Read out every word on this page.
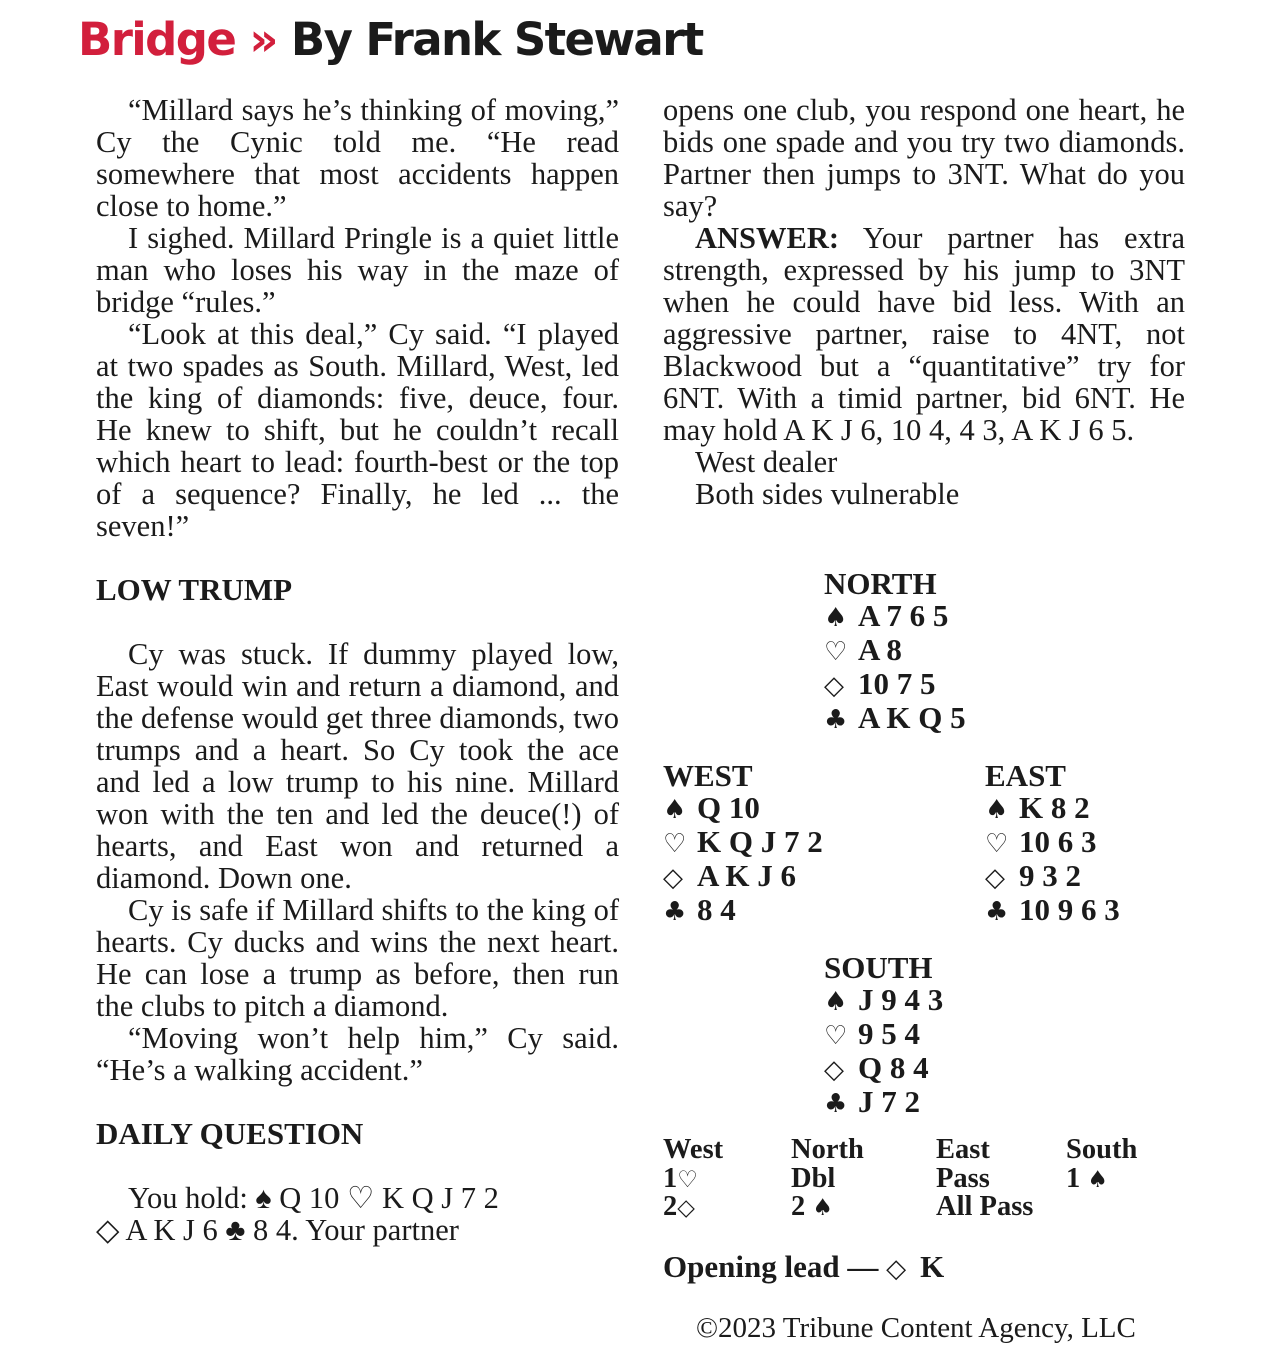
Bridge » By Frank Stewart

“Millard says he’s thinking of moving,” Cy the Cynic told me. “He read somewhere that most accidents happen close to home.”

I sighed. Millard Pringle is a quiet little man who loses his way in the maze of bridge “rules.”

“Look at this deal,” Cy said. “I played at two spades as South. Millard, West, led the king of diamonds: five, deuce, four. He knew to shift, but he couldn’t recall which heart to lead: fourth-best or the top of a sequence? Finally, he led ... the seven!”

LOW TRUMP

Cy was stuck. If dummy played low, East would win and return a diamond, and the defense would get three diamonds, two trumps and a heart. So Cy took the ace and led a low trump to his nine. Millard won with the ten and led the deuce(!) of hearts, and East won and returned a diamond. Down one.

Cy is safe if Millard shifts to the king of hearts. Cy ducks and wins the next heart. He can lose a trump as before, then run the clubs to pitch a diamond.

“Moving won’t help him,” Cy said. “He’s a walking accident.”

DAILY QUESTION

You hold: ♠ Q 10 ♡ K Q J 7 2

◇ A K J 6 ♣ 8 4. Your partner

opens one club, you respond one heart, he bids one spade and you try two diamonds. Partner then jumps to 3NT. What do you say?

ANSWER: Your partner has extra strength, expressed by his jump to 3NT when he could have bid less. With an aggressive partner, raise to 4NT, not Blackwood but a “quantitative” try for 6NT. With a timid partner, bid 6NT. He may hold A K J 6, 10 4, 4 3, A K J 6 5.

West dealer

Both sides vulnerable

NORTH
♠ A 7 6 5
♡ A 8
◇ 10 7 5
♣ A K Q 5
WEST
♠ Q 10
♡ K Q J 7 2
◇ A K J 6
♣ 8 4
EAST
♠ K 8 2
♡ 10 6 3
◇ 9 3 2
♣ 10 9 6 3
SOUTH
♠ J 9 4 3
♡ 9 5 4
◇ Q 8 4
♣ J 7 2
West	North	East	South
1♡	Dbl	Pass	1 ♠
2◇	2 ♠	All Pass
Opening lead — ◇ K
©2023 Tribune Content Agency, LLC
